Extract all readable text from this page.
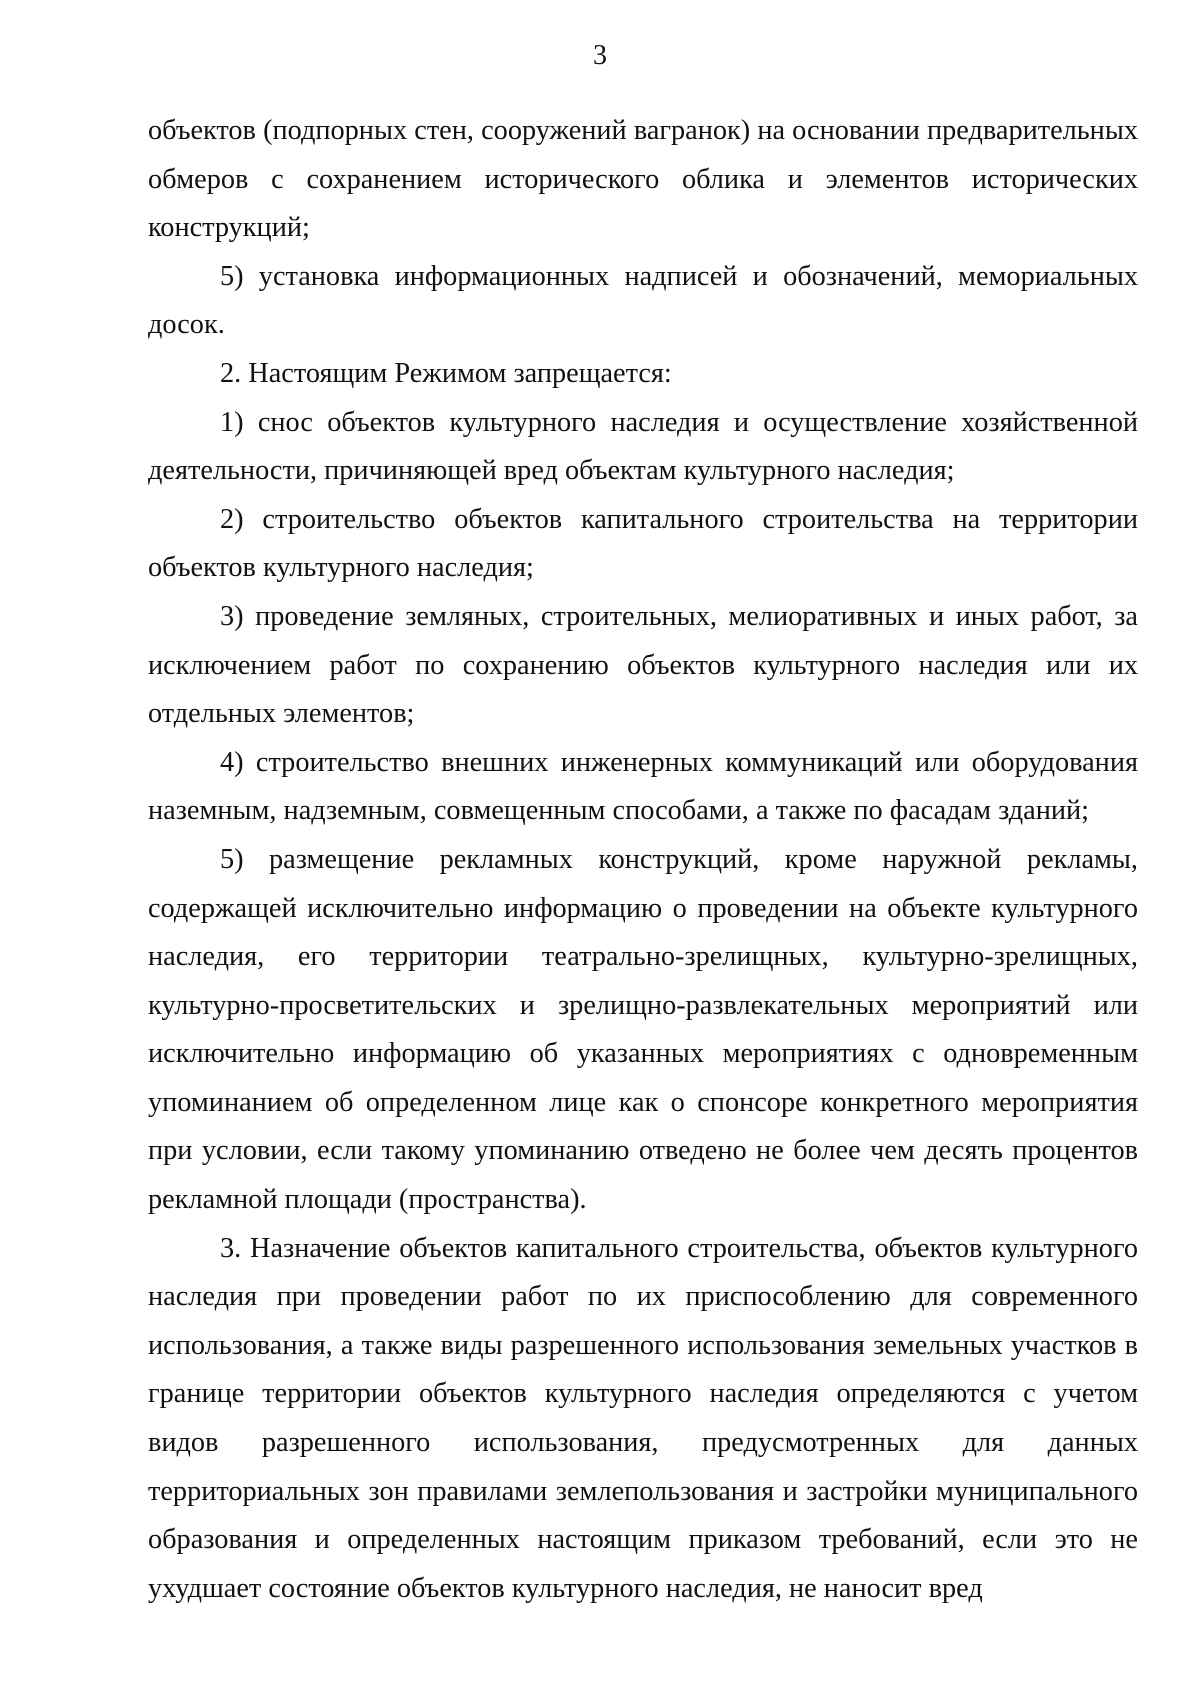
3

объектов (подпорных стен, сооружений вагранок) на основании предварительных обмеров с сохранением исторического облика и элементов исторических конструкций;

5) установка информационных надписей и обозначений, мемориальных досок.

2. Настоящим Режимом запрещается:

1) снос объектов культурного наследия и осуществление хозяйственной деятельности, причиняющей вред объектам культурного наследия;

2) строительство объектов капитального строительства на территории объектов культурного наследия;

3) проведение земляных, строительных, мелиоративных и иных работ, за исключением работ по сохранению объектов культурного наследия или их отдельных элементов;

4) строительство внешних инженерных коммуникаций или оборудования наземным, надземным, совмещенным способами, а также по фасадам зданий;

5) размещение рекламных конструкций, кроме наружной рекламы, содержащей исключительно информацию о проведении на объекте культурного наследия, его территории театрально-зрелищных, культурно-зрелищных, культурно-просветительских и зрелищно-развлекательных мероприятий или исключительно информацию об указанных мероприятиях с одновременным упоминанием об определенном лице как о спонсоре конкретного мероприятия при условии, если такому упоминанию отведено не более чем десять процентов рекламной площади (пространства).

3. Назначение объектов капитального строительства, объектов культурного наследия при проведении работ по их приспособлению для современного использования, а также виды разрешенного использования земельных участков в границе территории объектов культурного наследия определяются с учетом видов разрешенного использования, предусмотренных для данных территориальных зон правилами землепользования и застройки муниципального образования и определенных настоящим приказом требований, если это не ухудшает состояние объектов культурного наследия, не наносит вред
